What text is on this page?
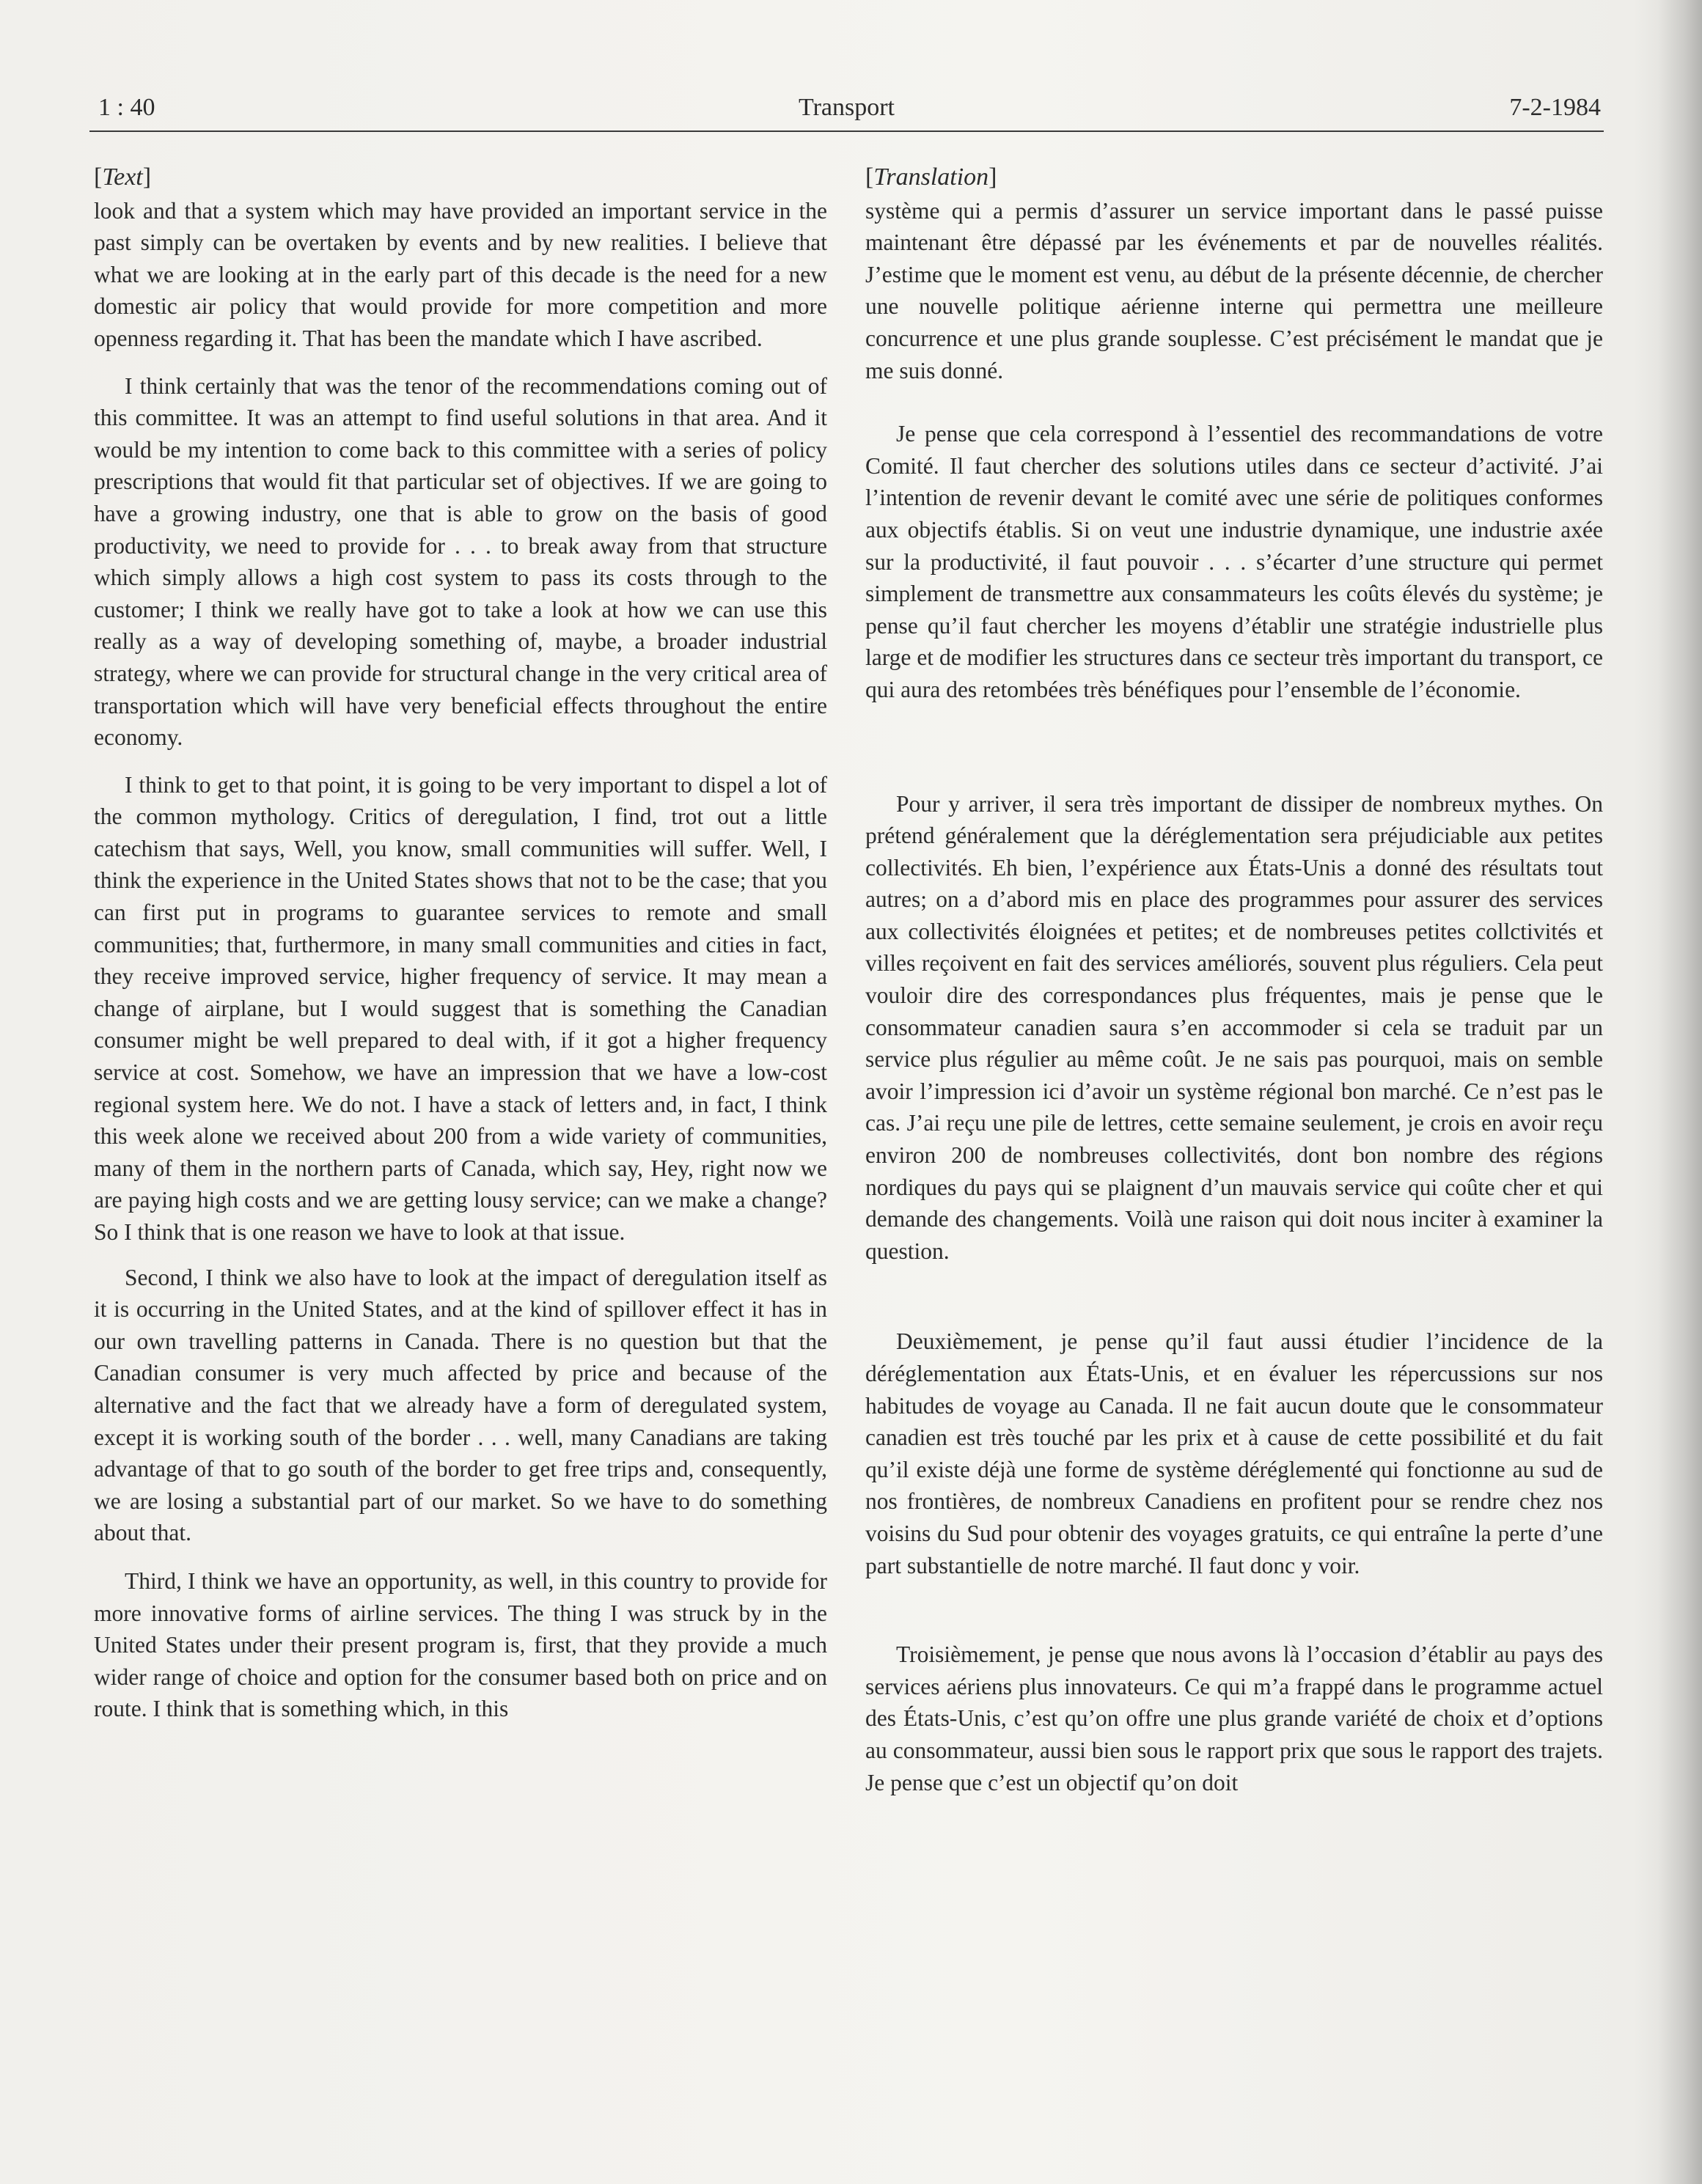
1 : 40	Transport	7-2-1984
[Text]

look and that a system which may have provided an important service in the past simply can be overtaken by events and by new realities. I believe that what we are looking at in the early part of this decade is the need for a new domestic air policy that would provide for more competition and more openness regarding it. That has been the mandate which I have ascribed.

I think certainly that was the tenor of the recommendations coming out of this committee. It was an attempt to find useful solutions in that area. And it would be my intention to come back to this committee with a series of policy prescriptions that would fit that particular set of objectives. If we are going to have a growing industry, one that is able to grow on the basis of good productivity, we need to provide for . . . to break away from that structure which simply allows a high cost system to pass its costs through to the customer; I think we really have got to take a look at how we can use this really as a way of developing something of, maybe, a broader industrial strategy, where we can provide for structural change in the very critical area of transportation which will have very beneficial effects throughout the entire economy.

I think to get to that point, it is going to be very important to dispel a lot of the common mythology. Critics of deregulation, I find, trot out a little catechism that says, Well, you know, small communities will suffer. Well, I think the experience in the United States shows that not to be the case; that you can first put in programs to guarantee services to remote and small communities; that, furthermore, in many small communities and cities in fact, they receive improved service, higher frequency of service. It may mean a change of airplane, but I would suggest that is something the Canadian consumer might be well prepared to deal with, if it got a higher frequency service at cost. Somehow, we have an impression that we have a low-cost regional system here. We do not. I have a stack of letters and, in fact, I think this week alone we received about 200 from a wide variety of communities, many of them in the northern parts of Canada, which say, Hey, right now we are paying high costs and we are getting lousy service; can we make a change? So I think that is one reason we have to look at that issue.

Second, I think we also have to look at the impact of deregulation itself as it is occurring in the United States, and at the kind of spillover effect it has in our own travelling patterns in Canada. There is no question but that the Canadian consumer is very much affected by price and because of the alternative and the fact that we already have a form of deregulated system, except it is working south of the border . . . well, many Canadians are taking advantage of that to go south of the border to get free trips and, consequently, we are losing a substantial part of our market. So we have to do something about that.

Third, I think we have an opportunity, as well, in this country to provide for more innovative forms of airline services. The thing I was struck by in the United States under their present program is, first, that they provide a much wider range of choice and option for the consumer based both on price and on route. I think that is something which, in this

[Translation]

système qui a permis d’assurer un service important dans le passé puisse maintenant être dépassé par les événements et par de nouvelles réalités. J’estime que le moment est venu, au début de la présente décennie, de chercher une nouvelle politique aérienne interne qui permettra une meilleure concurrence et une plus grande souplesse. C’est précisément le mandat que je me suis donné.

Je pense que cela correspond à l’essentiel des recommandations de votre Comité. Il faut chercher des solutions utiles dans ce secteur d’activité. J’ai l’intention de revenir devant le comité avec une série de politiques conformes aux objectifs établis. Si on veut une industrie dynamique, une industrie axée sur la productivité, il faut pouvoir . . . s’écarter d’une structure qui permet simplement de transmettre aux consammateurs les coûts élevés du système; je pense qu’il faut chercher les moyens d’établir une stratégie industrielle plus large et de modifier les structures dans ce secteur très important du transport, ce qui aura des retombées très bénéfiques pour l’ensemble de l’économie.

Pour y arriver, il sera très important de dissiper de nombreux mythes. On prétend généralement que la déréglementation sera préjudiciable aux petites collectivités. Eh bien, l’expérience aux États-Unis a donné des résultats tout autres; on a d’abord mis en place des programmes pour assurer des services aux collectivités éloignées et petites; et de nombreuses petites collctivités et villes reçoivent en fait des services améliorés, souvent plus réguliers. Cela peut vouloir dire des correspondances plus fréquentes, mais je pense que le consommateur canadien saura s’en accommoder si cela se traduit par un service plus régulier au même coût. Je ne sais pas pourquoi, mais on semble avoir l’impression ici d’avoir un système régional bon marché. Ce n’est pas le cas. J’ai reçu une pile de lettres, cette semaine seulement, je crois en avoir reçu environ 200 de nombreuses collectivités, dont bon nombre des régions nordiques du pays qui se plaignent d’un mauvais service qui coûte cher et qui demande des changements. Voilà une raison qui doit nous inciter à examiner la question.

Deuxièmement, je pense qu’il faut aussi étudier l’incidence de la déréglementation aux États-Unis, et en évaluer les répercussions sur nos habitudes de voyage au Canada. Il ne fait aucun doute que le consommateur canadien est très touché par les prix et à cause de cette possibilité et du fait qu’il existe déjà une forme de système déréglementé qui fonctionne au sud de nos frontières, de nombreux Canadiens en profitent pour se rendre chez nos voisins du Sud pour obtenir des voyages gratuits, ce qui entraîne la perte d’une part substantielle de notre marché. Il faut donc y voir.

Troisièmement, je pense que nous avons là l’occasion d’établir au pays des services aériens plus innovateurs. Ce qui m’a frappé dans le programme actuel des États-Unis, c’est qu’on offre une plus grande variété de choix et d’options au consommateur, aussi bien sous le rapport prix que sous le rapport des trajets. Je pense que c’est un objectif qu’on doit
